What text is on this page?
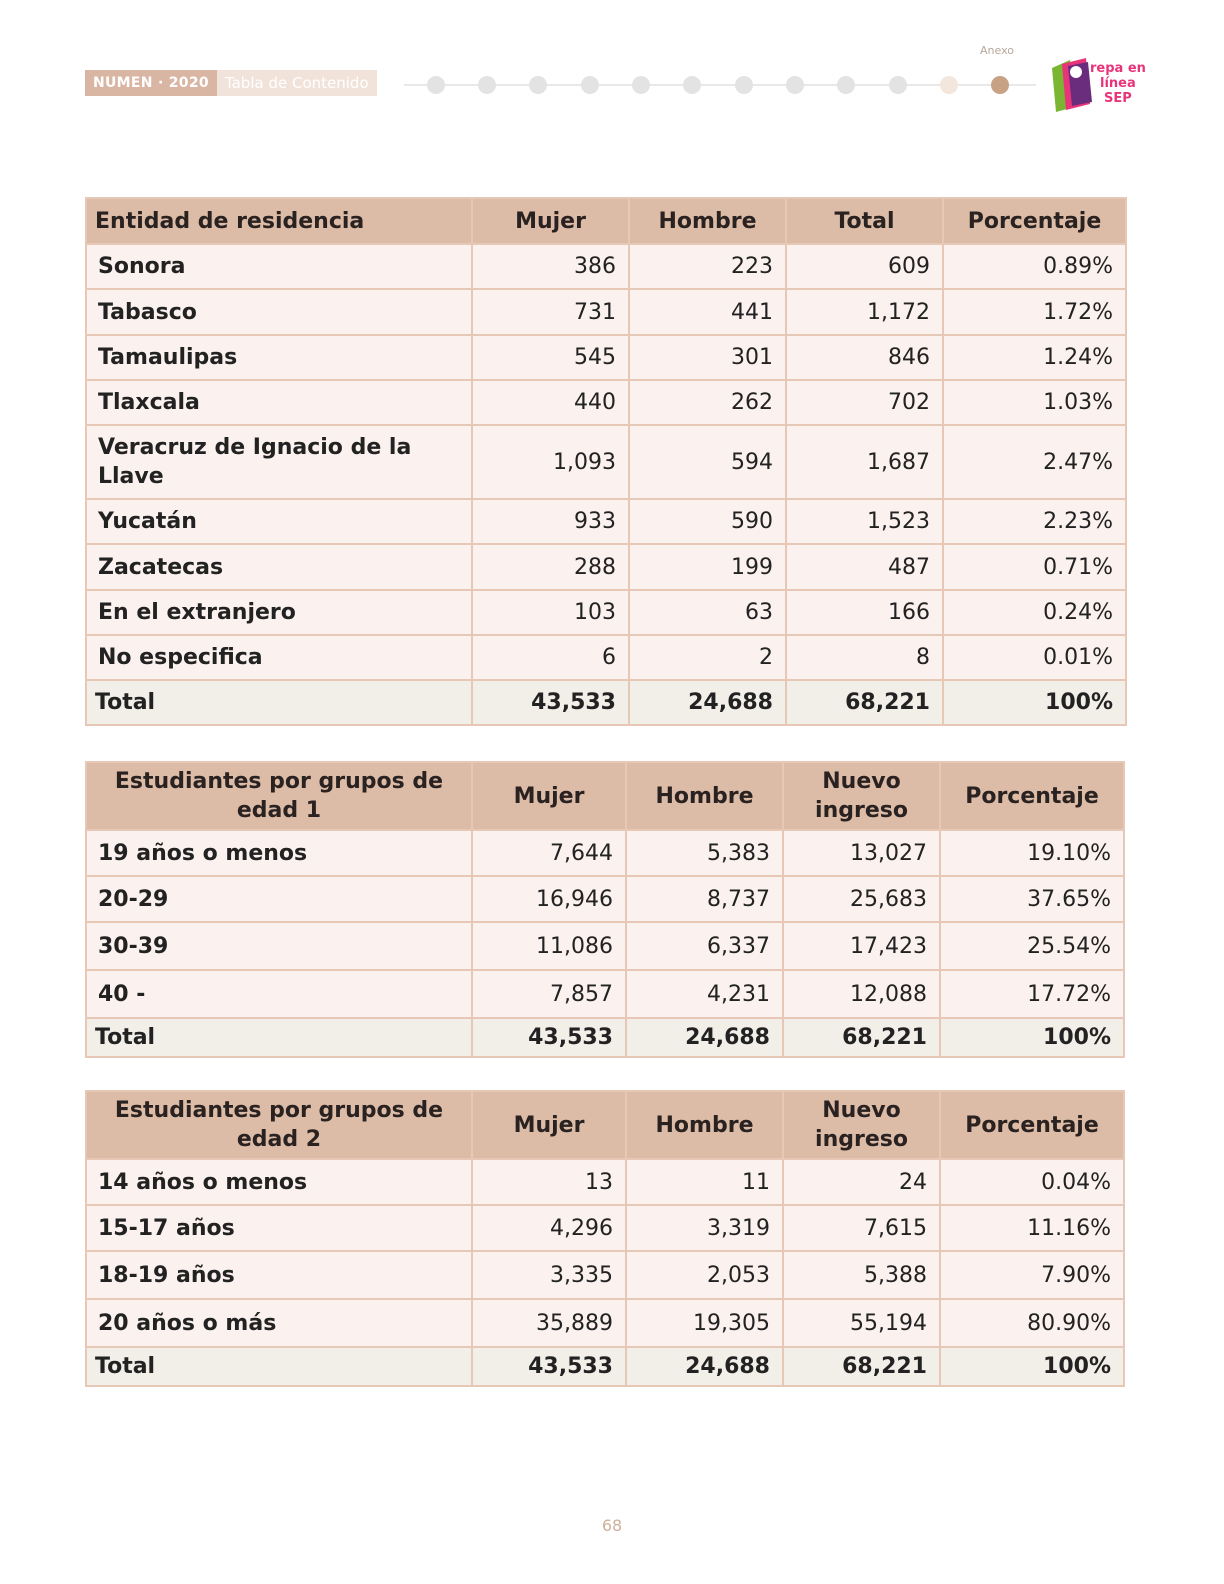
NUMEN · 2020	Tabla de Contenido
Anexo
repa en
línea
SEP
Entidad de residencia	Mujer	Hombre	Total	Porcentaje
Sonora	386	223	609	0.89%
Tabasco	731	441	1,172	1.72%
Tamaulipas	545	301	846	1.24%
Tlaxcala	440	262	702	1.03%
Veracruz de Ignacio de la Llave	1,093	594	1,687	2.47%
Yucatán	933	590	1,523	2.23%
Zacatecas	288	199	487	0.71%
En el extranjero	103	63	166	0.24%
No especifica	6	2	8	0.01%
Total	43,533	24,688	68,221	100%
Estudiantes por grupos de edad 1	Mujer	Hombre	Nuevo ingreso	Porcentaje
19 años o menos	7,644	5,383	13,027	19.10%
20-29	16,946	8,737	25,683	37.65%
30-39	11,086	6,337	17,423	25.54%
40 -	7,857	4,231	12,088	17.72%
Total	43,533	24,688	68,221	100%
Estudiantes por grupos de edad 2	Mujer	Hombre	Nuevo ingreso	Porcentaje
14 años o menos	13	11	24	0.04%
15-17 años	4,296	3,319	7,615	11.16%
18-19 años	3,335	2,053	5,388	7.90%
20 años o más	35,889	19,305	55,194	80.90%
Total	43,533	24,688	68,221	100%
68
